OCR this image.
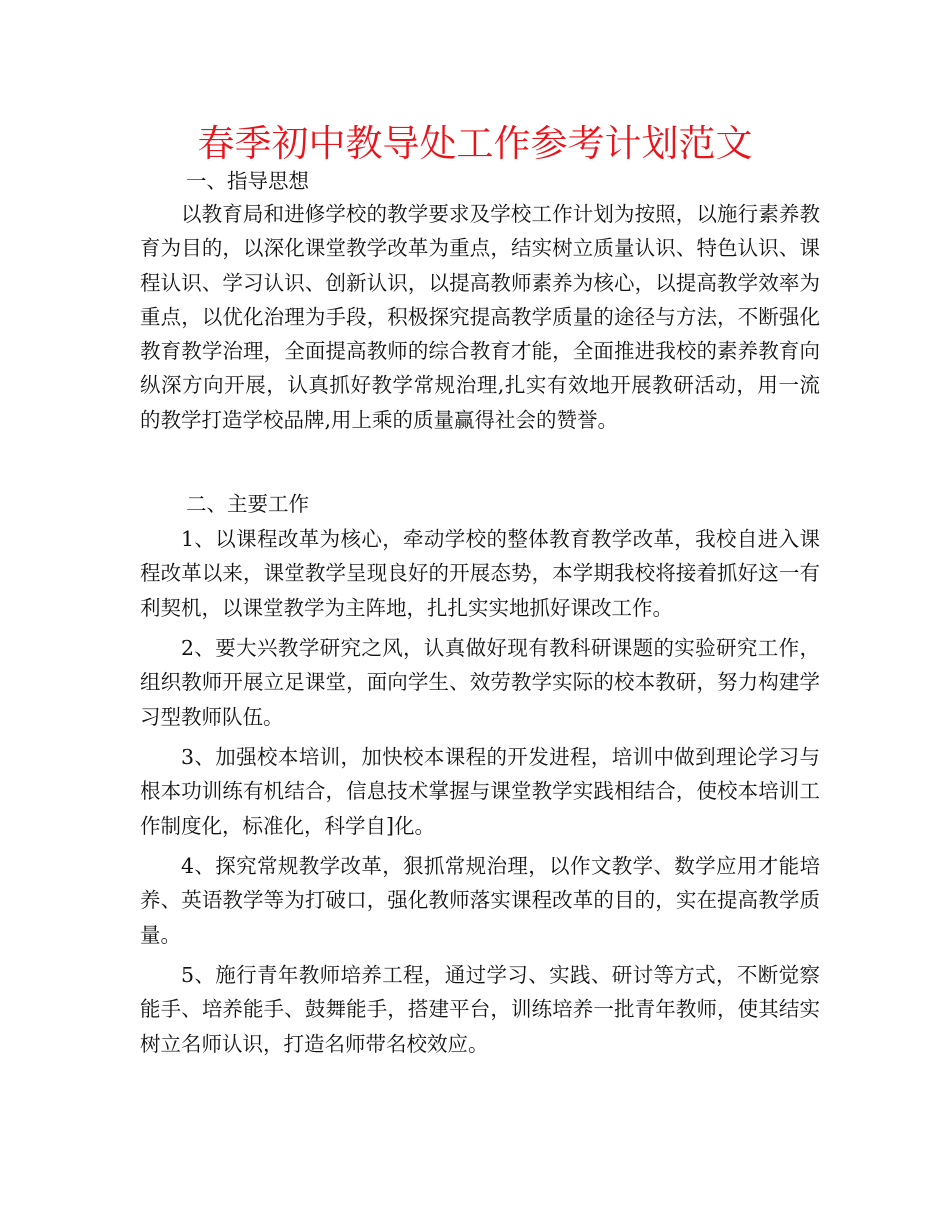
春季初中教导处工作参考计划范文

一、指导思想

以教育局和进修学校的教学要求及学校工作计划为按照，以施行素养教育为目的，以深化课堂教学改革为重点，结实树立质量认识、特色认识、课程认识、学习认识、创新认识，以提高教师素养为核心，以提高教学效率为重点，以优化治理为手段，积极探究提高教学质量的途径与方法，不断强化教育教学治理，全面提高教师的综合教育才能，全面推进我校的素养教育向纵深方向开展，认真抓好教学常规治理,扎实有效地开展教研活动，用一流的教学打造学校品牌,用上乘的质量赢得社会的赞誉。

二、主要工作

1、以课程改革为核心，牵动学校的整体教育教学改革，我校自进入课程改革以来，课堂教学呈现良好的开展态势，本学期我校将接着抓好这一有利契机，以课堂教学为主阵地，扎扎实实地抓好课改工作。

2、要大兴教学研究之风，认真做好现有教科研课题的实验研究工作，组织教师开展立足课堂，面向学生、效劳教学实际的校本教研，努力构建学习型教师队伍。

3、加强校本培训，加快校本课程的开发进程，培训中做到理论学习与根本功训练有机结合，信息技术掌握与课堂教学实践相结合，使校本培训工作制度化，标准化，科学自]化。

4、探究常规教学改革，狠抓常规治理，以作文教学、数学应用才能培养、英语教学等为打破口，强化教师落实课程改革的目的，实在提高教学质量。

5、施行青年教师培养工程，通过学习、实践、研讨等方式，不断觉察能手、培养能手、鼓舞能手，搭建平台，训练培养一批青年教师，使其结实树立名师认识，打造名师带名校效应。
